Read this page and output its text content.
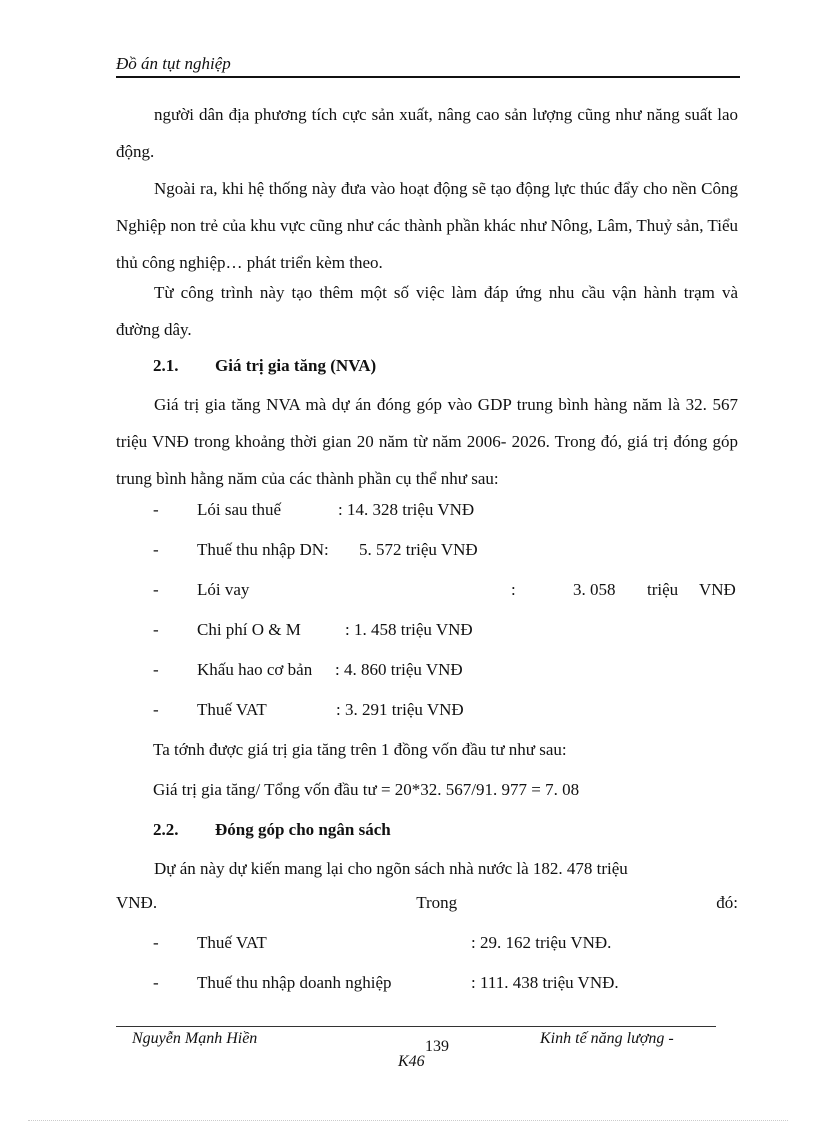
Đồ án tụt nghiệp
người dân địa phương tích cực sản xuất, nâng cao sản lượng cũng như năng suất lao động.
Ngoài ra, khi hệ thống này đưa vào hoạt động sẽ tạo động lực thúc đẩy cho nền Công Nghiệp non trẻ của khu vực cũng như các thành phần khác như Nông, Lâm, Thuỷ sản, Tiểu thủ công nghiệp… phát triển kèm theo.
Từ công trình này tạo thêm một số việc làm đáp ứng nhu cầu vận hành trạm và đường dây.
2.1. Giá trị gia tăng (NVA)
Giá trị gia tăng NVA mà dự án đóng góp vào GDP trung bình hàng năm là 32. 567 triệu VNĐ trong khoảng thời gian 20 năm từ năm 2006- 2026. Trong đó, giá trị đóng góp trung bình hằng năm của các thành phần cụ thể như sau:
- Lói sau thuế	: 14. 328 triệu VNĐ
- Thuế thu nhập DN: 5. 572 triệu VNĐ
- Lói vay	:	3. 058 triệu VNĐ
- Chi phí O & M	: 1. 458 triệu VNĐ
- Khấu hao cơ bản : 4. 860 triệu VNĐ
- Thuế VAT	: 3. 291 triệu VNĐ
Ta tớnh được giá trị gia tăng trên 1 đồng vốn đầu tư như sau:
Giá trị gia tăng/ Tổng vốn đầu tư = 20*32. 567/91. 977 = 7. 08
2.2. Đóng góp cho ngân sách
Dự án này dự kiến mang lại cho ngõn sách nhà nước là 182. 478 triệu
VNĐ.	Trong	đó:
- Thuế VAT	: 29. 162 triệu VNĐ.
- Thuế thu nhập doanh nghiệp	: 111. 438 triệu VNĐ.
Nguyễn Mạnh Hiền	139	Kinh tế năng lượng -
K46
